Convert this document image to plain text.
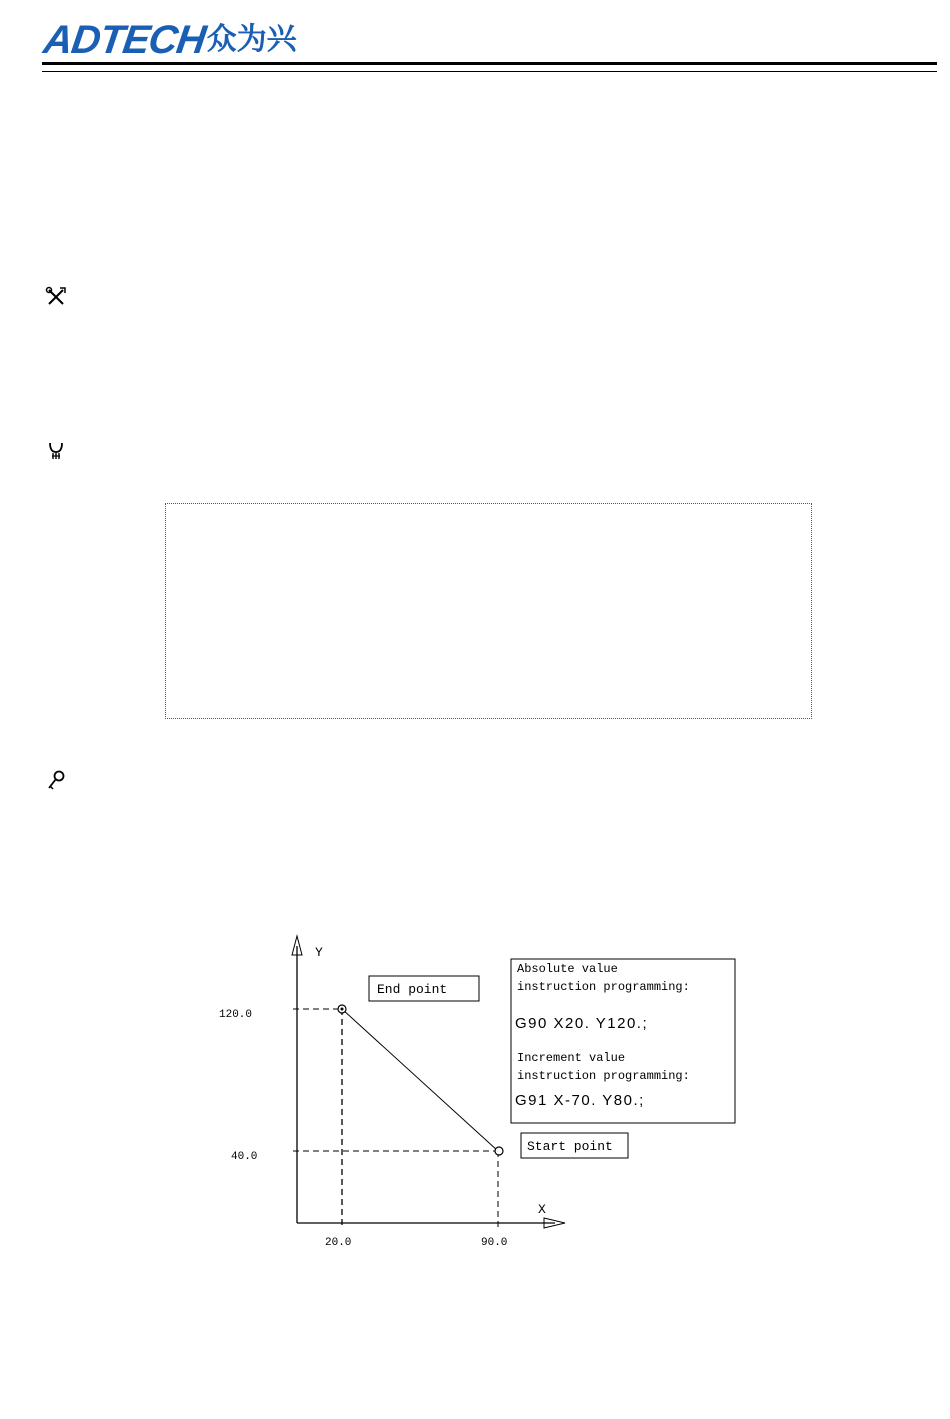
ADTECH
众为兴
Y
X
120.0
40.0
20.0	90.0
End point
Start point
Absolute value
instruction programming:
G90 X20. Y120.;
Increment value
instruction programming:
G91 X-70. Y80.;
